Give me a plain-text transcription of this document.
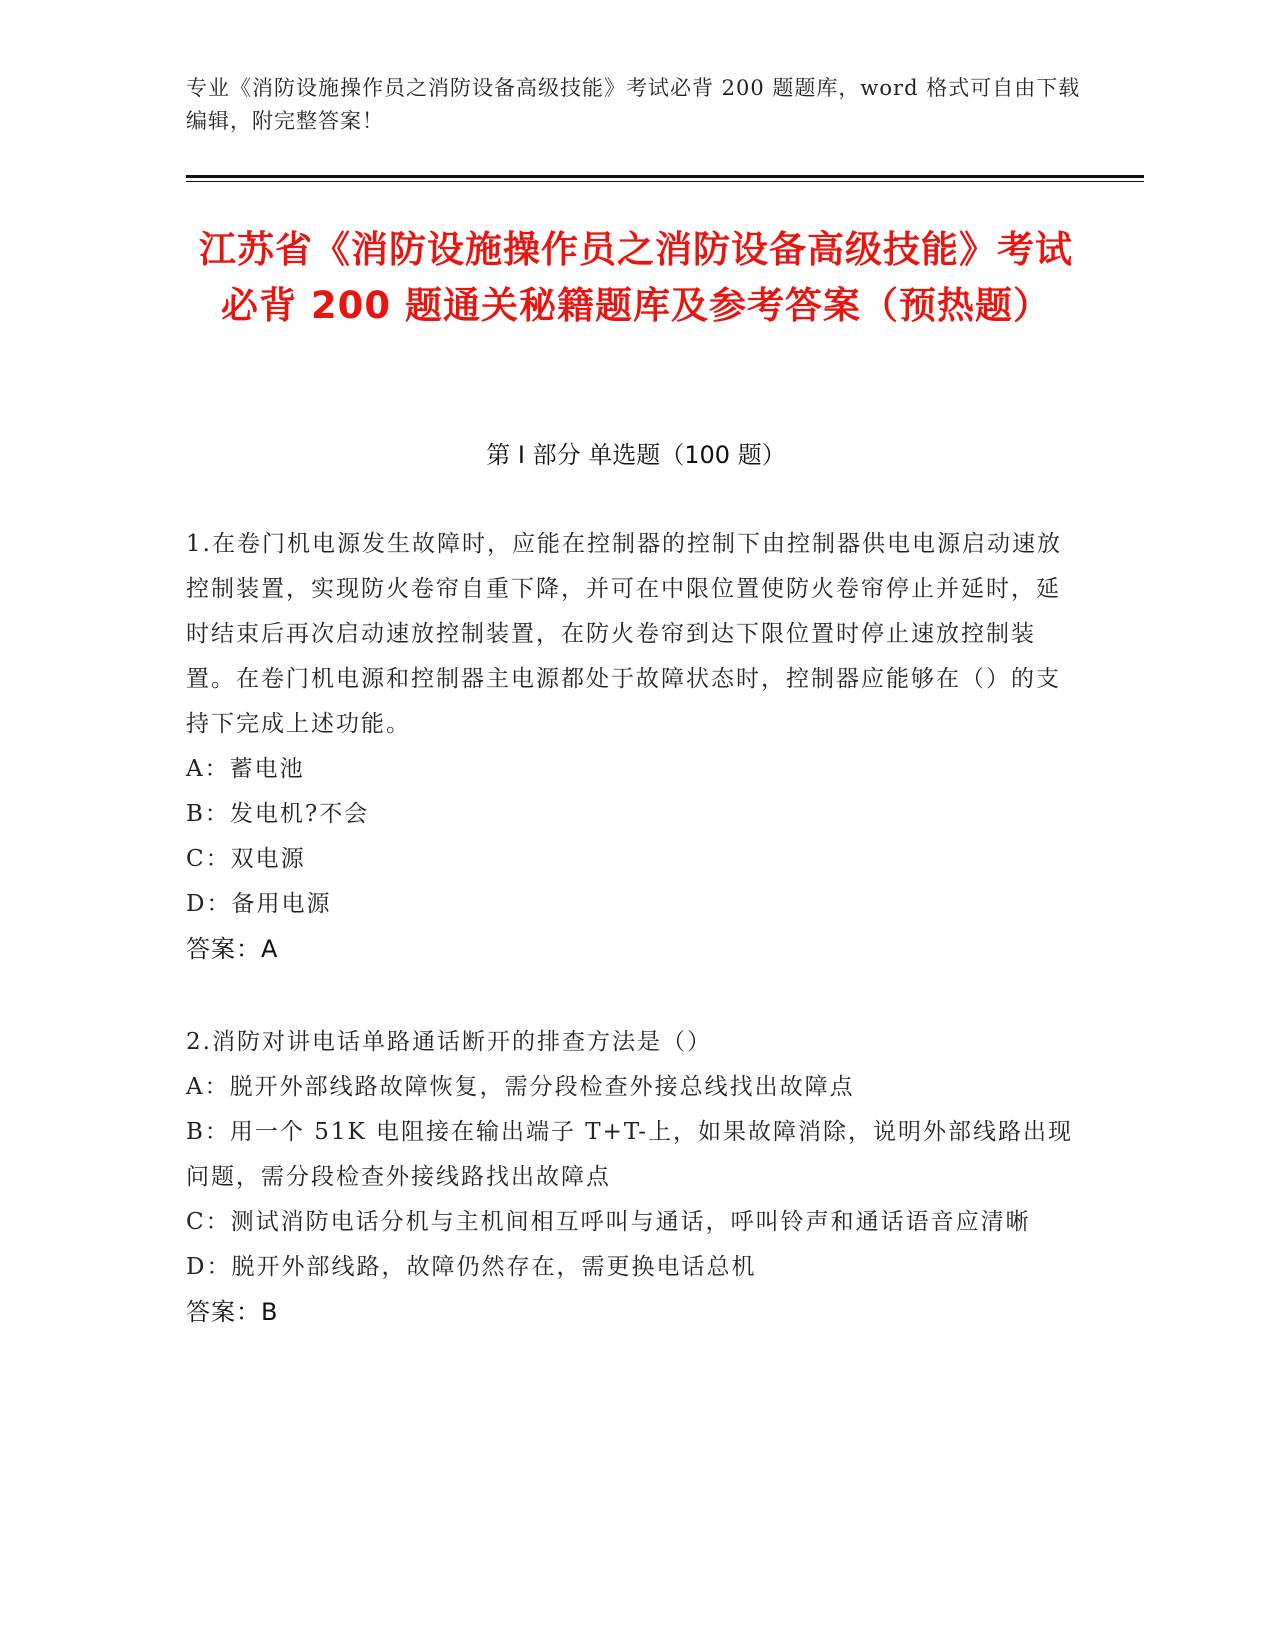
专业《消防设施操作员之消防设备高级技能》考试必背 200 题题库，word 格式可自由下载编辑，附完整答案！
江苏省《消防设施操作员之消防设备高级技能》考试必背 200 题通关秘籍题库及参考答案（预热题）
第 I 部分 单选题（100 题）
1.在卷门机电源发生故障时，应能在控制器的控制下由控制器供电电源启动速放控制装置，实现防火卷帘自重下降，并可在中限位置使防火卷帘停止并延时，延时结束后再次启动速放控制装置，在防火卷帘到达下限位置时停止速放控制装置。在卷门机电源和控制器主电源都处于故障状态时，控制器应能够在（）的支持下完成上述功能。
A：蓄电池
B：发电机?不会
C：双电源
D：备用电源
答案：A
2.消防对讲电话单路通话断开的排查方法是（）
A：脱开外部线路故障恢复，需分段检查外接总线找出故障点
B：用一个 51K 电阻接在输出端子 T+T-上，如果故障消除，说明外部线路出现问题，需分段检查外接线路找出故障点
C：测试消防电话分机与主机间相互呼叫与通话，呼叫铃声和通话语音应清晰
D：脱开外部线路，故障仍然存在，需更换电话总机
答案：B
